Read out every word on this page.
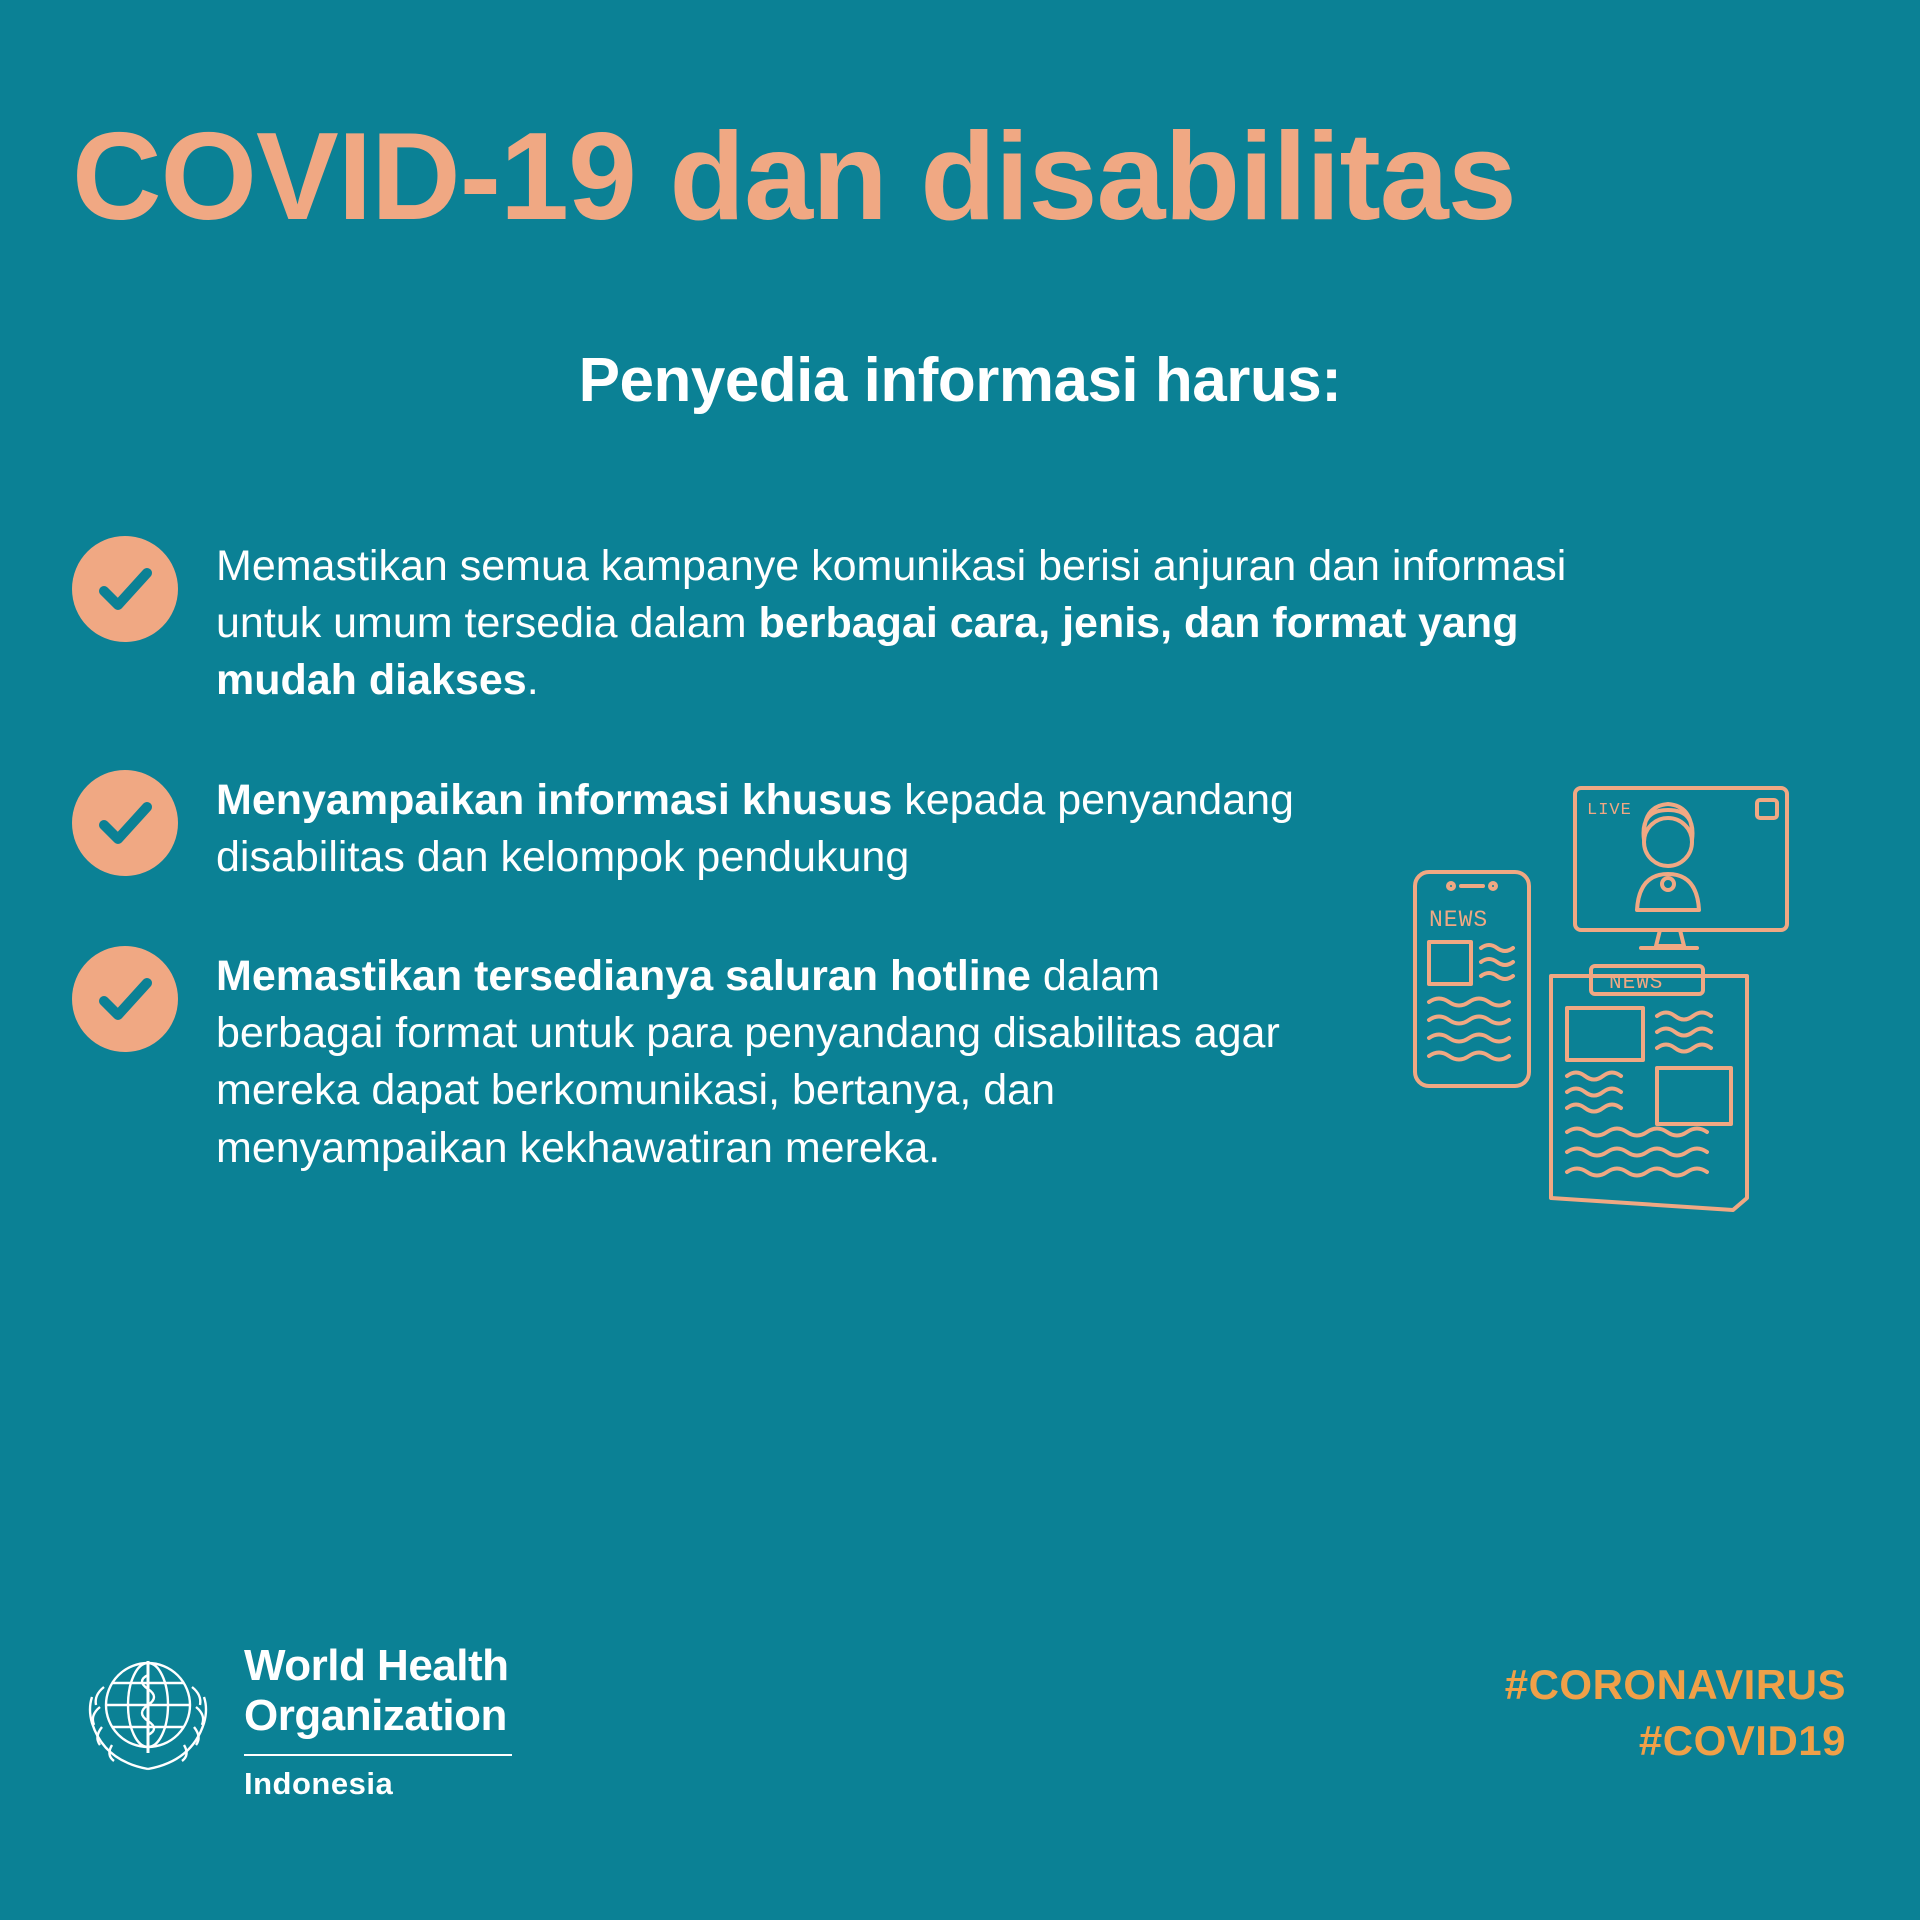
COVID-19 dan disabilitas
Penyedia informasi harus:
Memastikan semua kampanye komunikasi berisi anjuran dan informasi untuk umum tersedia dalam berbagai cara, jenis, dan format yang mudah diakses.
Menyampaikan informasi khusus kepada penyandang disabilitas dan kelompok pendukung
Memastikan tersedianya saluran hotline dalam berbagai format untuk para penyandang disabilitas agar mereka dapat berkomunikasi, bertanya, dan menyampaikan kekhawatiran mereka.
LIVE
NEWS
NEWS
World Health
Organization
Indonesia
#CORONAVIRUS
#COVID19
